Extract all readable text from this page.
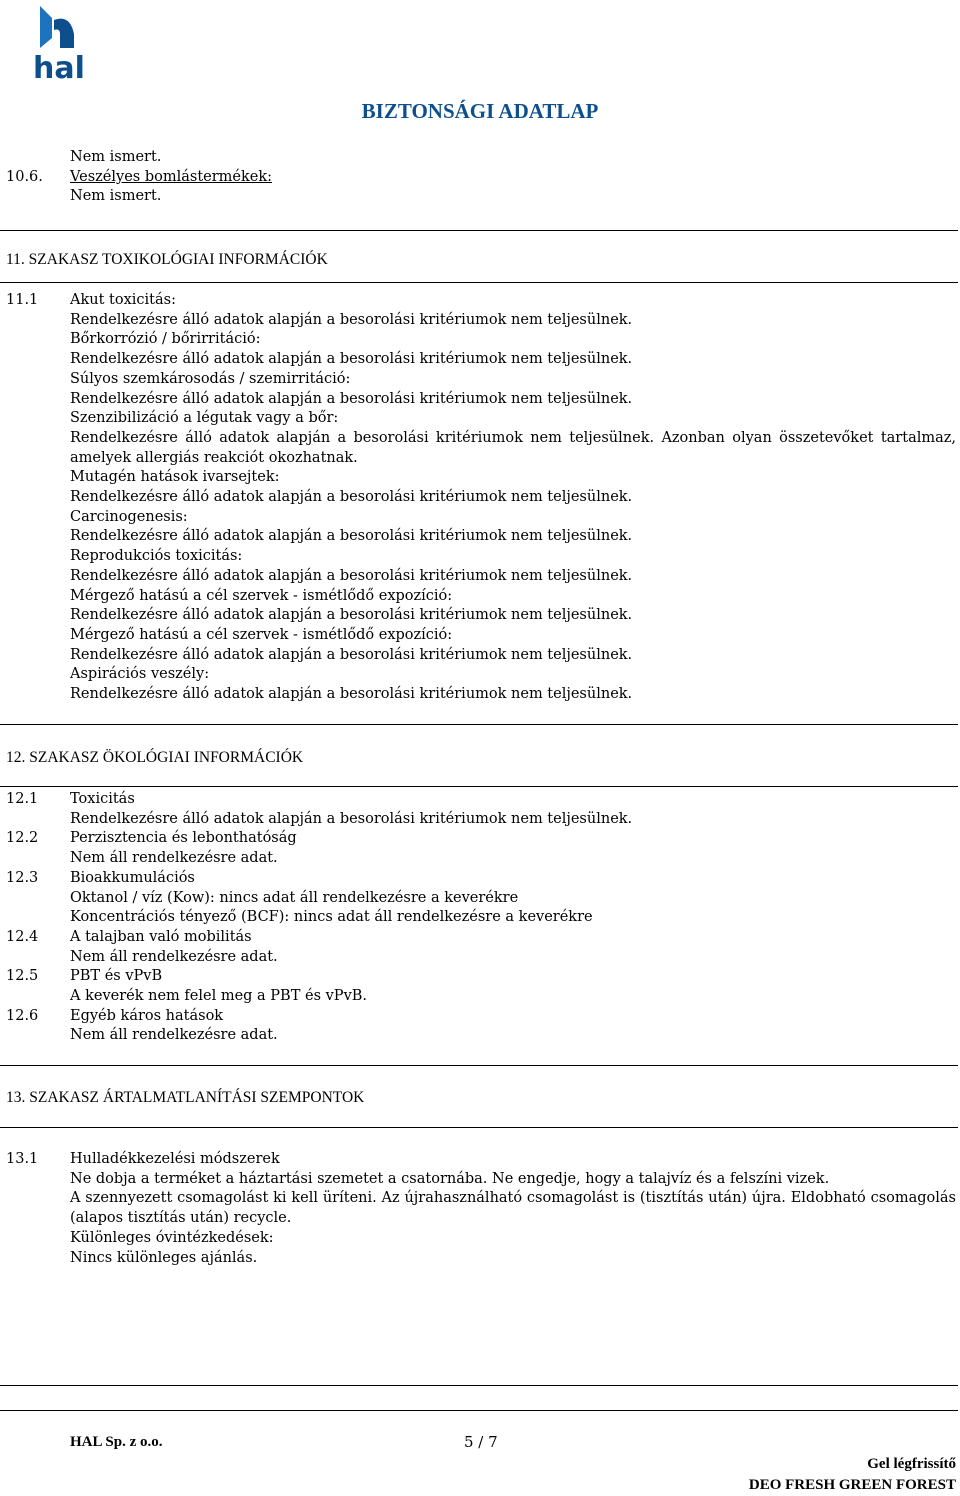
hal
BIZTONSÁGI ADATLAP
Nem ismert.
10.6.	Veszélyes bomlástermékek:
Nem ismert.
11. SZAKASZ TOXIKOLÓGIAI INFORMÁCIÓK
11.1	Akut toxicitás:
Rendelkezésre álló adatok alapján a besorolási kritériumok nem teljesülnek.
Bőrkorrózió / bőrirritáció:
Rendelkezésre álló adatok alapján a besorolási kritériumok nem teljesülnek.
Súlyos szemkárosodás / szemirritáció:
Rendelkezésre álló adatok alapján a besorolási kritériumok nem teljesülnek.
Szenzibilizáció a légutak vagy a bőr:
Rendelkezésre álló adatok alapján a besorolási kritériumok nem teljesülnek. Azonban olyan összetevőket tartalmaz, amelyek allergiás reakciót okozhatnak.
Mutagén hatások ivarsejtek:
Rendelkezésre álló adatok alapján a besorolási kritériumok nem teljesülnek.
Carcinogenesis:
Rendelkezésre álló adatok alapján a besorolási kritériumok nem teljesülnek.
Reprodukciós toxicitás:
Rendelkezésre álló adatok alapján a besorolási kritériumok nem teljesülnek.
Mérgező hatású a cél szervek - ismétlődő expozíció:
Rendelkezésre álló adatok alapján a besorolási kritériumok nem teljesülnek.
Mérgező hatású a cél szervek - ismétlődő expozíció:
Rendelkezésre álló adatok alapján a besorolási kritériumok nem teljesülnek.
Aspirációs veszély:
Rendelkezésre álló adatok alapján a besorolási kritériumok nem teljesülnek.
12. SZAKASZ ÖKOLÓGIAI INFORMÁCIÓK
12.1	Toxicitás
Rendelkezésre álló adatok alapján a besorolási kritériumok nem teljesülnek.
12.2	Perzisztencia és lebonthatóság
Nem áll rendelkezésre adat.
12.3	Bioakkumulációs
Oktanol / víz (Kow): nincs adat áll rendelkezésre a keverékre
Koncentrációs tényező (BCF): nincs adat áll rendelkezésre a keverékre
12.4	A talajban való mobilitás
Nem áll rendelkezésre adat.
12.5	PBT és vPvB
A keverék nem felel meg a PBT és vPvB.
12.6	Egyéb káros hatások
Nem áll rendelkezésre adat.
13. SZAKASZ ÁRTALMATLANÍTÁSI SZEMPONTOK
13.1	Hulladékkezelési módszerek
Ne dobja a terméket a háztartási szemetet a csatornába. Ne engedje, hogy a talajvíz és a felszíni vizek.
A szennyezett csomagolást ki kell üríteni. Az újrahasználható csomagolást is (tisztítás után) újra. Eldobható csomagolás (alapos tisztítás után) recycle.
Különleges óvintézkedések:
Nincs különleges ajánlás.
HAL Sp. z o.o.	5 / 7
Gel légfrissítő
DEO FRESH GREEN FOREST
